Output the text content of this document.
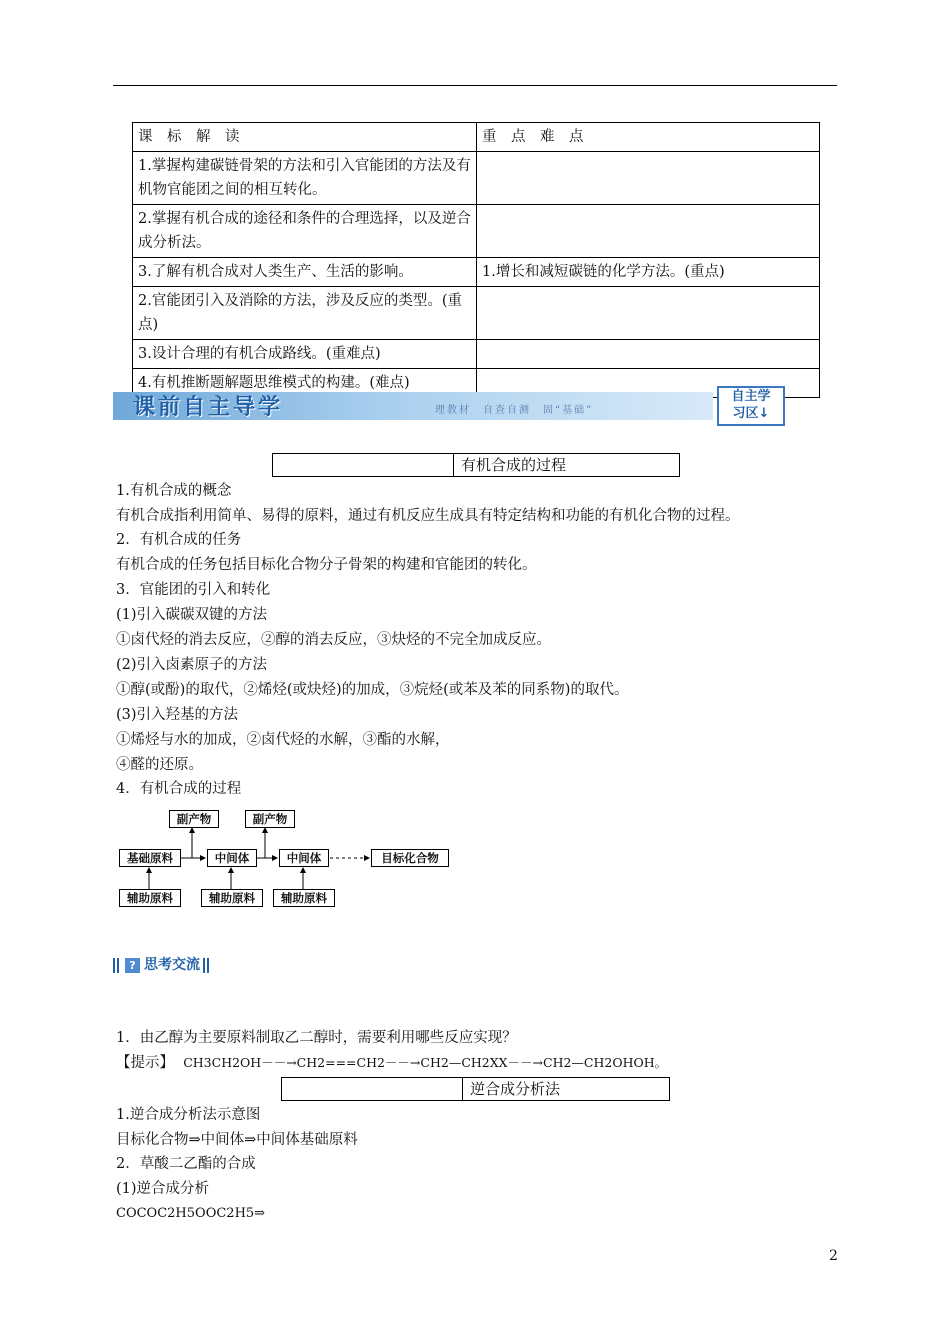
课　标　解　读	重　点　难　点
1.掌握构建碳链骨架的方法和引入官能团的方法及有机物官能团之间的相互转化。	
2.掌握有机合成的途径和条件的合理选择，以及逆合成分析法。	
3.了解有机合成对人类生产、生活的影响。	1.增长和减短碳链的化学方法。(重点)
2.官能团引入及消除的方法，涉及反应的类型。(重点)	
3.设计合理的有机合成路线。(重难点)	
4.有机推断题解题思维模式的构建。(难点)	
课前自主导学	理教材　自查自测　固“基础”
自主学
习区↓
有机合成的过程
1.有机合成的概念
有机合成指利用简单、易得的原料，通过有机反应生成具有特定结构和功能的有机化合物的过程。
2．有机合成的任务
有机合成的任务包括目标化合物分子骨架的构建和官能团的转化。
3．官能团的引入和转化
(1)引入碳碳双键的方法
①卤代烃的消去反应，②醇的消去反应，③炔烃的不完全加成反应。
(2)引入卤素原子的方法
①醇(或酚)的取代，②烯烃(或炔烃)的加成，③烷烃(或苯及苯的同系物)的取代。
(3)引入羟基的方法
①烯烃与水的加成，②卤代烃的水解，③酯的水解，
④醛的还原。
4．有机合成的过程
副产物	副产物
基础原料	中间体	中间体	目标化合物
辅助原料	辅助原料	辅助原料
? 思考交流
1．由乙醇为主要原料制取乙二醇时，需要利用哪些反应实现？
【提示】 CH3CH2OH－－→CH2===CH2－－→CH2—CH2XX－－→CH2—CH2OHOH。
逆合成分析法
1.逆合成分析法示意图
目标化合物⇒中间体⇒中间体基础原料
2．草酸二乙酯的合成
(1)逆合成分析
COCOC2H5OOC2H5⇒
2
